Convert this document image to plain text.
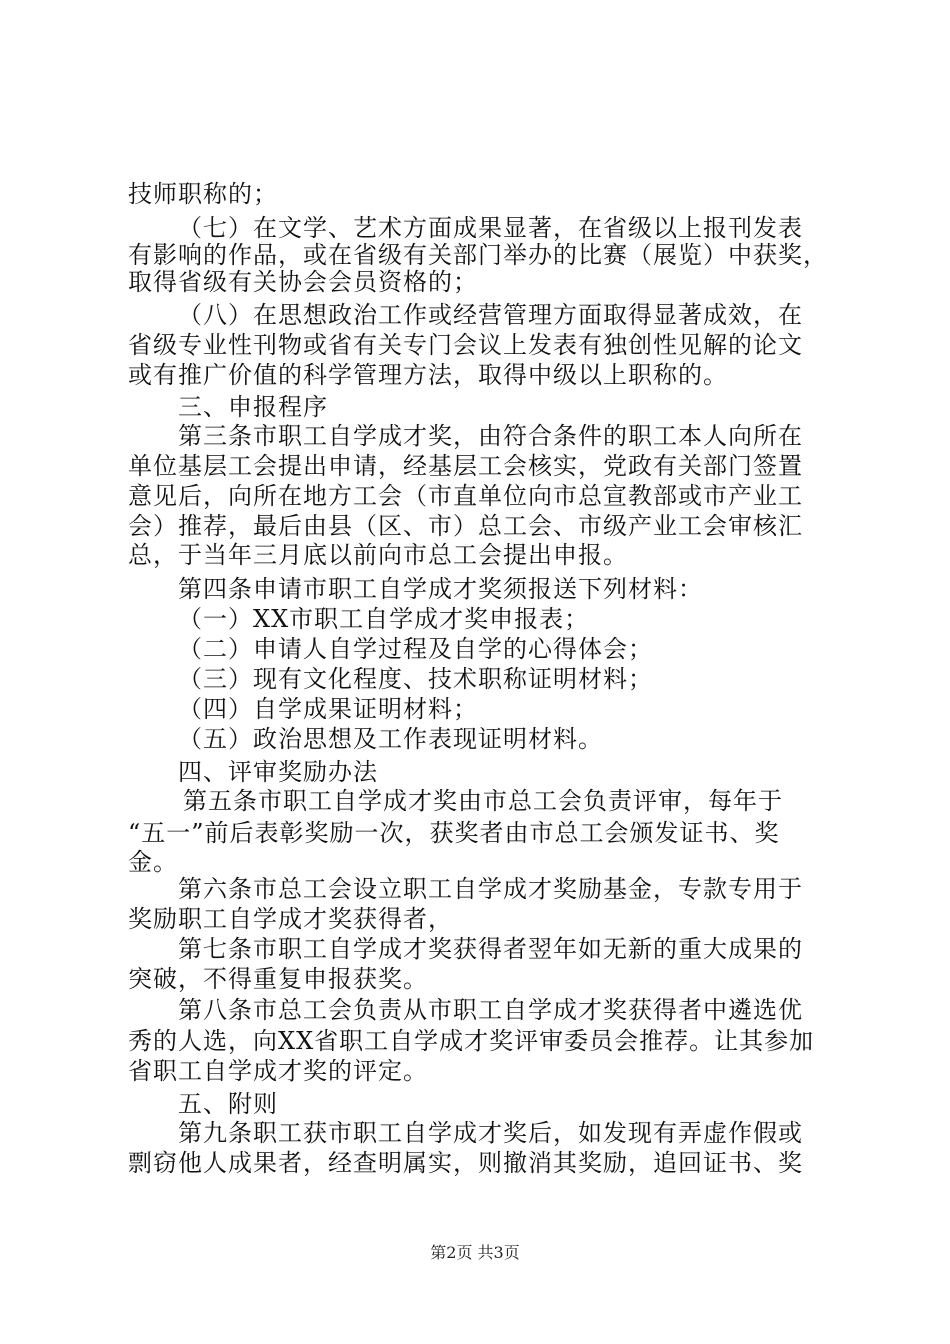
技师职称的；
（七）在文学、艺术方面成果显著，在省级以上报刊发表
有影响的作品，或在省级有关部门举办的比赛（展览）中获奖，
取得省级有关协会会员资格的；
（八）在思想政治工作或经营管理方面取得显著成效，在
省级专业性刊物或省有关专门会议上发表有独创性见解的论文
或有推广价值的科学管理方法，取得中级以上职称的。
三、申报程序
第三条市职工自学成才奖，由符合条件的职工本人向所在
单位基层工会提出申请，经基层工会核实，党政有关部门签置
意见后，向所在地方工会（市直单位向市总宣教部或市产业工
会）推荐，最后由县（区、市）总工会、市级产业工会审核汇
总，于当年三月底以前向市总工会提出申报。
第四条申请市职工自学成才奖须报送下列材料：
（一）XX市职工自学成才奖申报表；
（二）申请人自学过程及自学的心得体会；
（三）现有文化程度、技术职称证明材料；
（四）自学成果证明材料；
（五）政治思想及工作表现证明材料。
四、评审奖励办法
第五条市职工自学成才奖由市总工会负责评审，每年于
“五一”前后表彰奖励一次，获奖者由市总工会颁发证书、奖
金。
第六条市总工会设立职工自学成才奖励基金，专款专用于
奖励职工自学成才奖获得者，
第七条市职工自学成才奖获得者翌年如无新的重大成果的
突破，不得重复申报获奖。
第八条市总工会负责从市职工自学成才奖获得者中遴选优
秀的人选，向XX省职工自学成才奖评审委员会推荐。让其参加
省职工自学成才奖的评定。
五、附则
第九条职工获市职工自学成才奖后，如发现有弄虚作假或
剽窃他人成果者，经查明属实，则撤消其奖励，追回证书、奖
第2页 共3页
